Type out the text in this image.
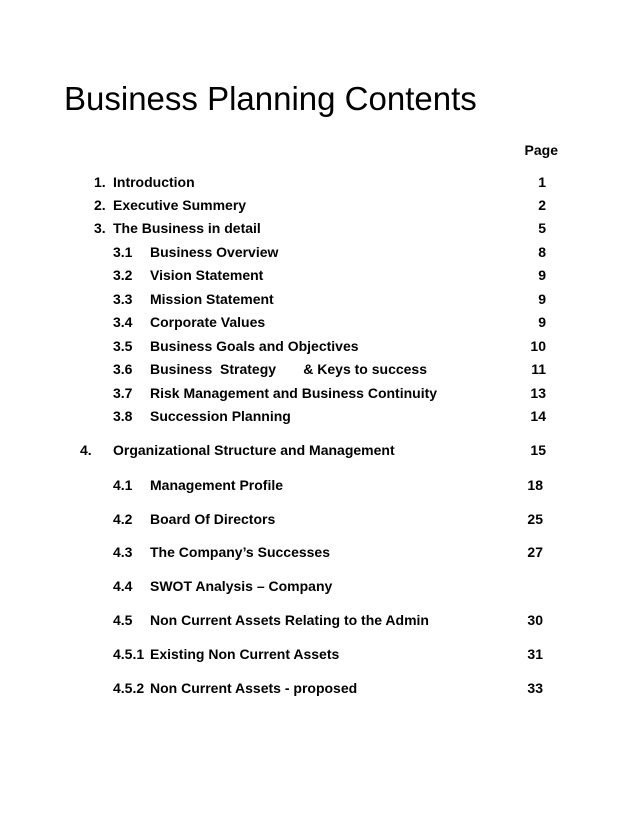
Business Planning Contents
Page
1. Introduction	1
2. Executive Summery	2
3. The Business in detail	5
3.1 Business Overview	8
3.2 Vision Statement	9
3.3 Mission Statement	9
3.4 Corporate Values	9
3.5 Business Goals and Objectives	10
3.6 Business  Strategy       & Keys to success	11
3.7 Risk Management and Business Continuity	13
3.8 Succession Planning	14
4. Organizational Structure and Management	15
4.1 Management Profile	18
4.2 Board Of Directors	25
4.3 The Company’s Successes	27
4.4 SWOT Analysis – Company
4.5 Non Current Assets Relating to the Admin	30
4.5.1 Existing Non Current Assets	31
4.5.2 Non Current Assets - proposed	33
